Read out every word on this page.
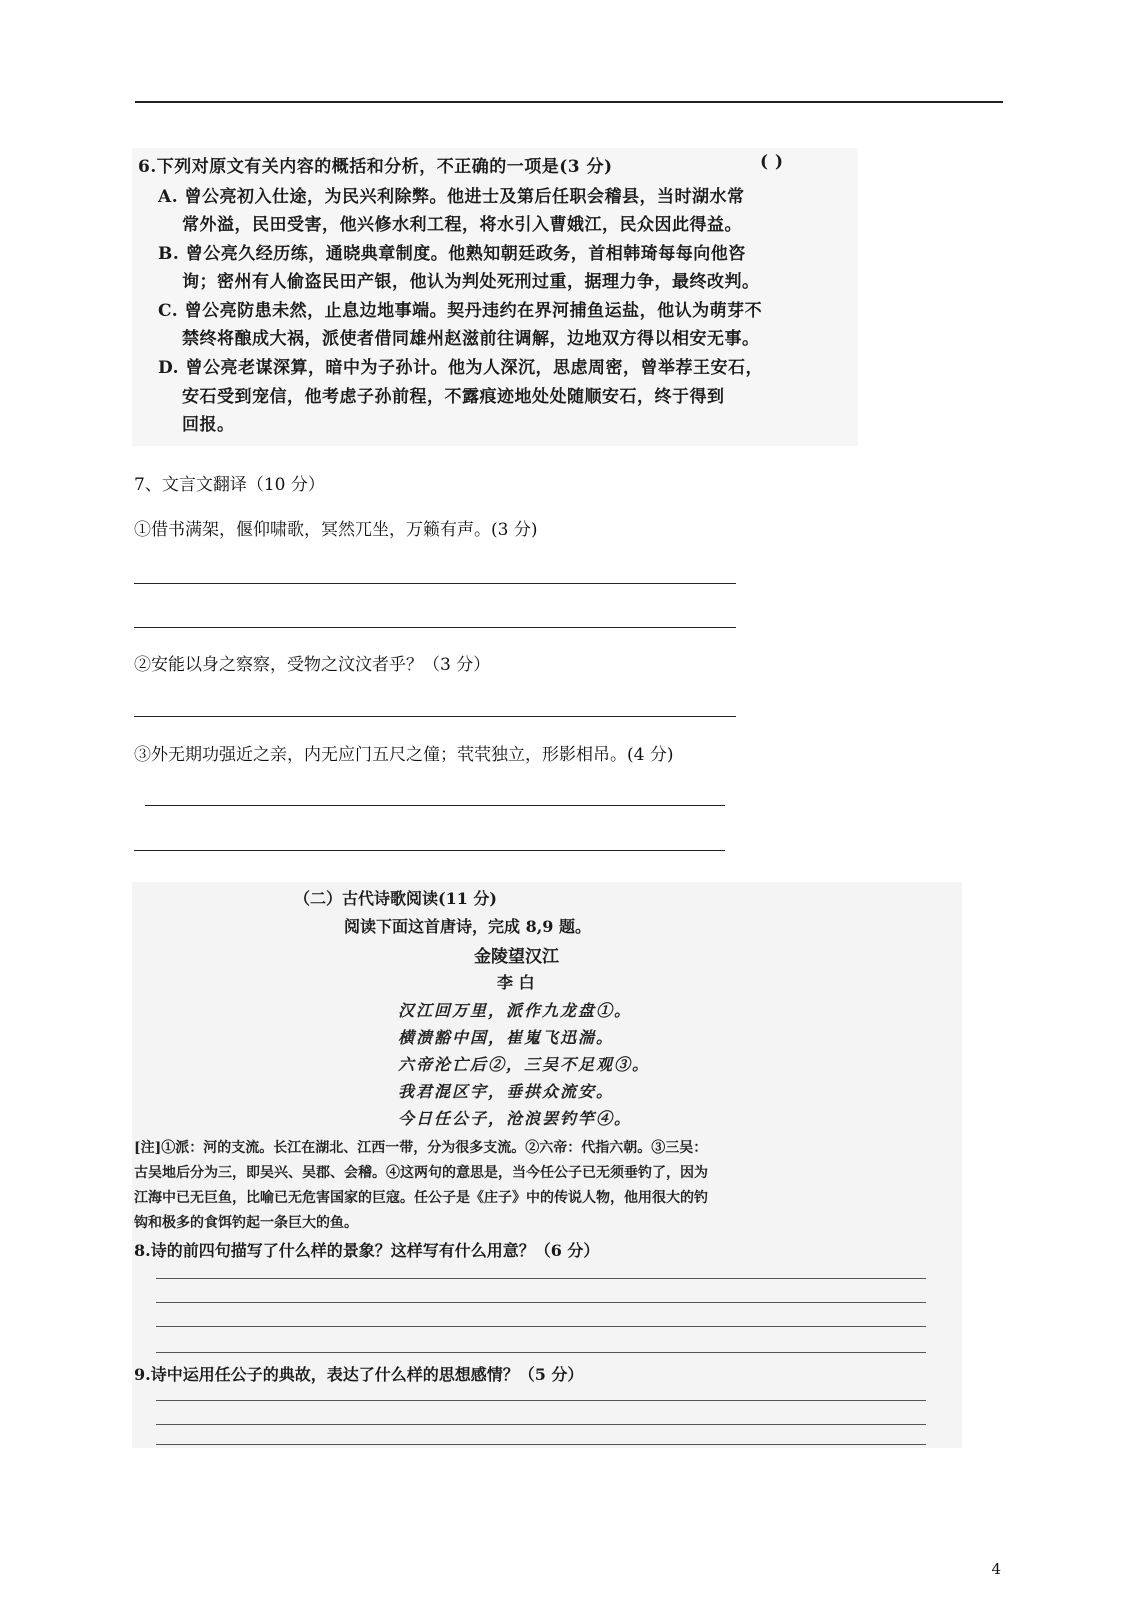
6.下列对原文有关内容的概括和分析，不正确的一项是(3 分)	( )
A. 曾公亮初入仕途，为民兴利除弊。他进士及第后任职会稽县，当时湖水常
常外溢，民田受害，他兴修水利工程，将水引入曹娥江，民众因此得益。
B. 曾公亮久经历练，通晓典章制度。他熟知朝廷政务，首相韩琦每每向他咨
询；密州有人偷盗民田产银，他认为判处死刑过重，据理力争，最终改判。
C. 曾公亮防患未然，止息边地事端。契丹违约在界河捕鱼运盐，他认为萌芽不
禁终将酿成大祸，派使者借同雄州赵滋前往调解，边地双方得以相安无事。
D. 曾公亮老谋深算，暗中为子孙计。他为人深沉，思虑周密，曾举荐王安石，
安石受到宠信，他考虑子孙前程，不露痕迹地处处随顺安石，终于得到
回报。
7、文言文翻译（10 分）
①借书满架，偃仰啸歌，冥然兀坐，万籁有声。(3 分)
②安能以身之察察，受物之汶汶者乎？（3 分）
③外无期功强近之亲，内无应门五尺之僮；茕茕独立，形影相吊。(4 分)
（二）古代诗歌阅读(11 分)
阅读下面这首唐诗，完成 8,9 题。
金陵望汉江
李 白
汉江回万里，派作九龙盘①。
横溃豁中国，崔嵬飞迅湍。
六帝沦亡后②，三吴不足观③。
我君混区宇，垂拱众流安。
今日任公子，沧浪罢钓竿④。
[注]①派：河的支流。长江在湖北、江西一带，分为很多支流。②六帝：代指六朝。③三吴：
古吴地后分为三，即吴兴、吴郡、会稽。④这两句的意思是，当今任公子已无须垂钓了，因为
江海中已无巨鱼，比喻已无危害国家的巨寇。任公子是《庄子》中的传说人物，他用很大的钓
钩和极多的食饵钓起一条巨大的鱼。
8.诗的前四句描写了什么样的景象？这样写有什么用意？（6 分）
9.诗中运用任公子的典故，表达了什么样的思想感情？（5 分）
4
